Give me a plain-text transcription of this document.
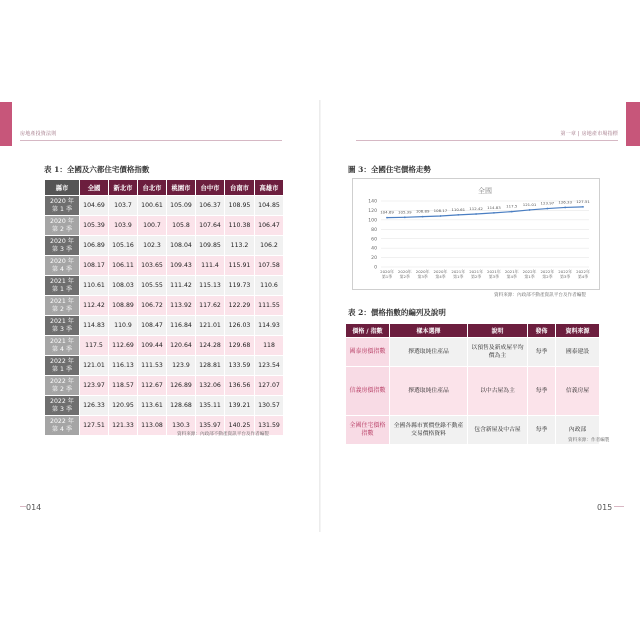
房地產投資法則	第一章 | 房地產市場指標
表 1：全國及六都住宅價格指數
縣市	全國	新北市	台北市	桃園市	台中市	台南市	高雄市

2020 年
第 1 季	104.69	103.7	100.61	105.09	106.37	108.95	104.85

2020 年
第 2 季	105.39	103.9	100.7	105.8	107.64	110.38	106.47

2020 年
第 3 季	106.89	105.16	102.3	108.04	109.85	113.2	106.2

2020 年
第 4 季	108.17	106.11	103.65	109.43	111.4	115.91	107.58

2021 年
第 1 季	110.61	108.03	105.55	111.42	115.13	119.73	110.6

2021 年
第 2 季	112.42	108.89	106.72	113.92	117.62	122.29	111.55

2021 年
第 3 季	114.83	110.9	108.47	116.84	121.01	126.03	114.93

2021 年
第 4 季	117.5	112.69	109.44	120.64	124.28	129.68	118

2022 年
第 1 季	121.01	116.13	111.53	123.9	128.81	133.59	123.54

2022 年
第 2 季	123.97	118.57	112.67	126.89	132.06	136.56	127.07

2022 年
第 3 季	126.33	120.95	113.61	128.68	135.11	139.21	130.57

2022 年
第 4 季	127.51	121.33	113.08	130.3	135.97	140.25	131.59
資料來源：內政部不動產資訊平台及作者編製
014
圖 3：全國住宅價格走勢
全國
0
20
40
60
80
100
120
140
104.69 105.39 106.89 108.17 110.61 112.42 114.83 117.5 121.01 123.97 126.33 127.51
2020年第1季
2020年第2季
2020年第3季
2020年第4季
2021年第1季
2021年第2季
2021年第3季
2021年第4季
2022年第1季
2022年第2季
2022年第3季
2022年第4季
資料來源：內政部不動產資訊平台及作者編製
表 2：價格指數的編列及說明
價格 / 指數	樣本選擇	說明	發佈	資料來源
國泰房價指數	擇選取純住產品	以預售及新成屋平均價為主	每季	國泰建設
信義房價指數	擇選取純住產品	以中古屋為主	每季	信義房屋
全國住宅價格指數	全國各縣市實價登錄不動產交易價格資料	包含新屋及中古屋	每季	內政部
資料來源：作者編製
015
